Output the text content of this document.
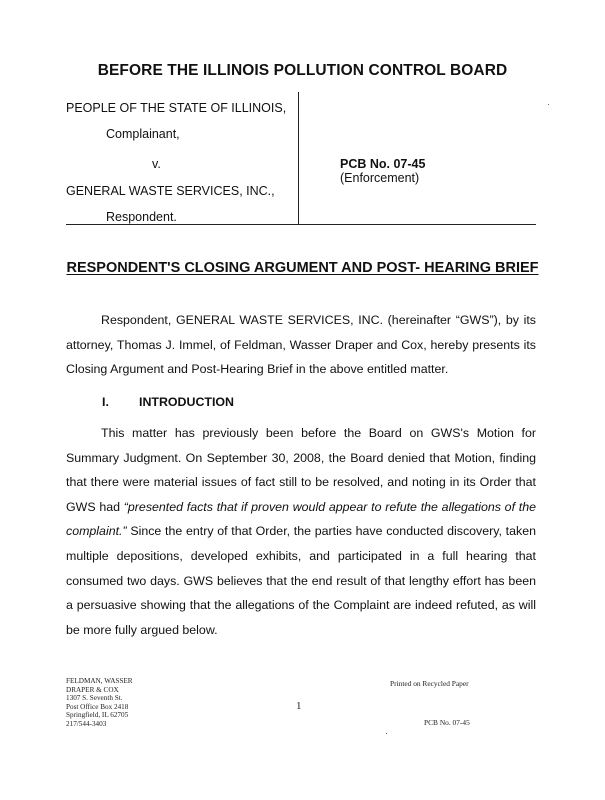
BEFORE THE ILLINOIS POLLUTION CONTROL BOARD
PEOPLE OF THE STATE OF ILLINOIS,
Complainant,
v.
GENERAL WASTE SERVICES, INC.,
Respondent.
PCB No. 07-45
(Enforcement)
RESPONDENT'S CLOSING ARGUMENT AND POST- HEARING BRIEF
Respondent, GENERAL WASTE SERVICES, INC. (hereinafter “GWS”), by its attorney, Thomas J. Immel, of Feldman, Wasser Draper and Cox, hereby presents its Closing Argument and Post-Hearing Brief in the above entitled matter.
I. INTRODUCTION
This matter has previously been before the Board on GWS's Motion for Summary Judgment. On September 30, 2008, the Board denied that Motion, finding that there were material issues of fact still to be resolved, and noting in its Order that GWS had “presented facts that if proven would appear to refute the allegations of the complaint.” Since the entry of that Order, the parties have conducted discovery, taken multiple depositions, developed exhibits, and participated in a full hearing that consumed two days. GWS believes that the end result of that lengthy effort has been a persuasive showing that the allegations of the Complaint are indeed refuted, as will be more fully argued below.
FELDMAN, WASSER
DRAPER & COX
1307 S. Seventh St.
Post Office Box 2418
Springfield, IL 62705
217/544-3403
Printed on Recycled Paper
1
PCB No. 07-45
